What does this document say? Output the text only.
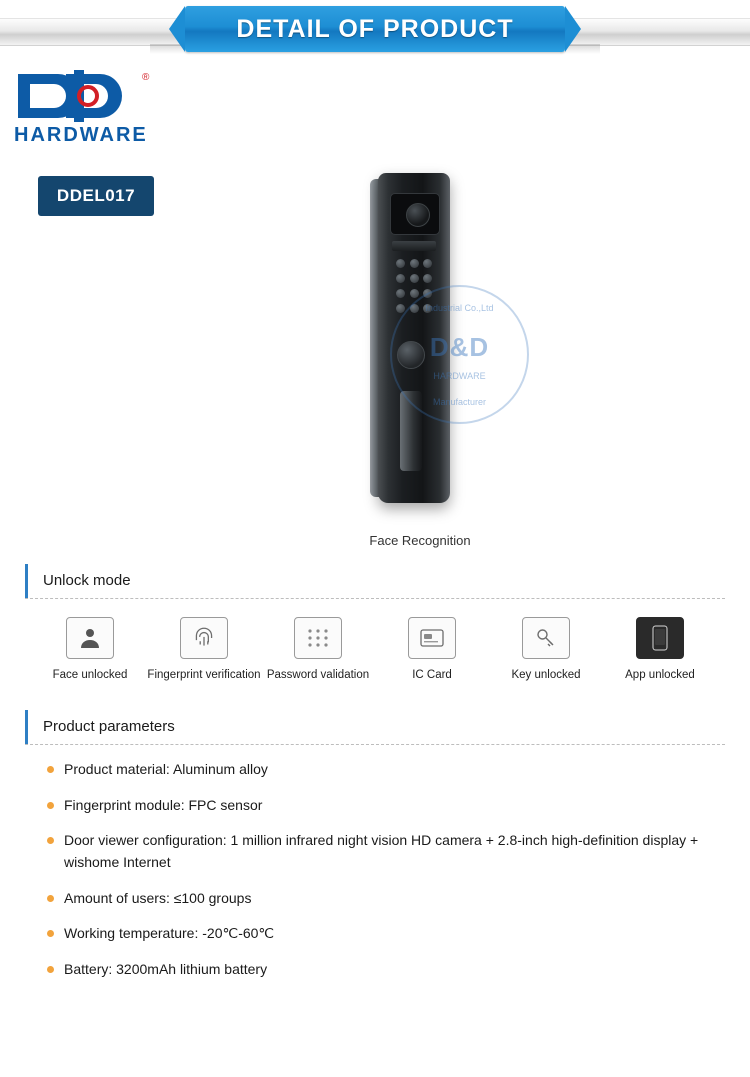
DETAIL OF PRODUCT
®
HARDWARE
DDEL017
Industrial Co.,Ltd
D&D
HARDWARE
Manufacturer
Face Recognition
Unlock mode
Face unlocked	Fingerprint verification Password validation	IC Card	Key unlocked	App unlocked
Product parameters
Product material: Aluminum alloy
Fingerprint module: FPC sensor
Door viewer configuration: 1 million infrared night vision HD camera + 2.8-inch high-definition display + wishome Internet
Amount of users: ≤100 groups
Working temperature: -20℃-60℃
Battery: 3200mAh lithium battery
